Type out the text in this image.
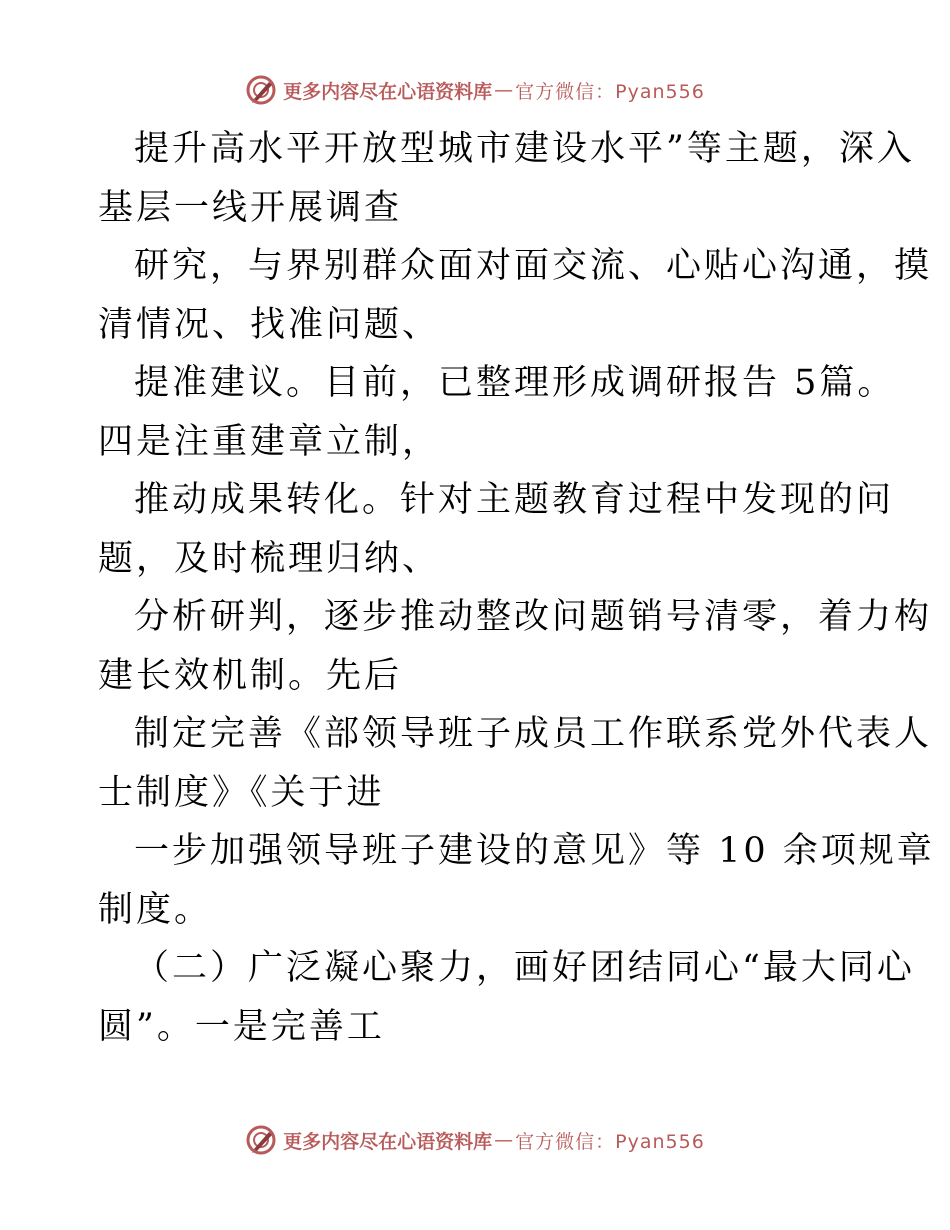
更多内容尽在心语资料库 — 官方微信：Pyan556
提升高水平开放型城市建设水平”等主题，深入
基层一线开展调查
研究，与界别群众面对面交流、心贴心沟通，摸
清情况、找准问题、
提准建议。目前，已整理形成调研报告 5篇。
四是注重建章立制，
推动成果转化。针对主题教育过程中发现的问
题，及时梳理归纳、
分析研判，逐步推动整改问题销号清零，着力构
建长效机制。先后
制定完善《部领导班子成员工作联系党外代表人
士制度》《关于进
一步加强领导班子建设的意见》等 10 余项规章
制度。
（二）广泛凝心聚力，画好团结同心“最大同心
圆”。一是完善工
更多内容尽在心语资料库 — 官方微信：Pyan556
